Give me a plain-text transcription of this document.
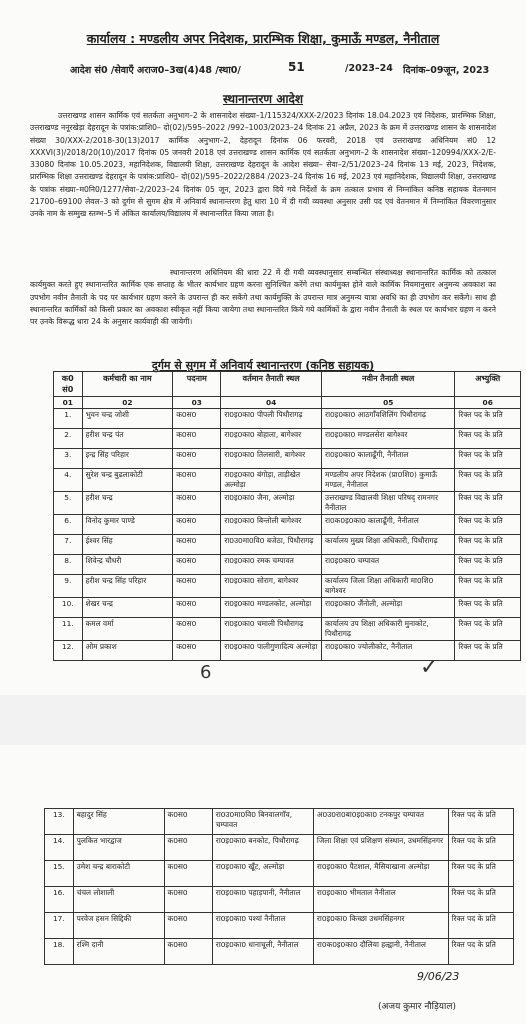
कार्यालय : मण्डलीय अपर निदेशक, प्रारम्भिक शिक्षा, कुमाऊँ मण्डल, नैनीताल
आदेश सं0 /सेवाएँ अराज0–3ख(4)48 /स्था0/	51	/2023–24 दिनांक–09जून, 2023
स्थानान्तरण आदेश
उत्तराखण्ड शासन कार्मिक एवं सतर्कता अनुभाग–2 के शासनादेश संख्या–1/115324/XXX-2/2023 दिनांक 18.04.2023 एवं निदेशक, प्रारम्भिक शिक्षा, उत्तराखण्ड ननूरखेड़ा देहरादून के पत्रांक:प्राशि0– दो(02)/595–2022 /992–1003/2023–24 दिनांक 21 अप्रैल, 2023 के क्रम में उत्तराखण्ड शासन के शासनादेश संख्या 30/XXX-2/2018-30(13)2017 कार्मिक अनुभाग–2, देहरादून दिनांक 06 फरवरी, 2018 एवं उत्तराखण्ड अधिनियम सं0 12 XXXVI(3)/2018/20(10)/2017 दिनांक 05 जनवरी 2018 एवं उत्तराखण्ड शासन कार्मिक एवं सतर्कता अनुभाग–2 के शासनादेश संख्या–120994/XXX-2/E-33080 दिनांक 10.05.2023, महानिदेशक, विद्यालयी शिक्षा, उत्तराखण्ड देहरादून के आदेश संख्या– सेवा–2/51/2023–24 दिनांक 13 मई, 2023, निदेशक, प्रारम्भिक शिक्षा उत्तराखण्ड देहरादून के पत्रांक:प्राशि0– दो(02)/595–2022/2884 /2023–24 दिनांक 16 मई, 2023 एवं महानिदेशक, विद्यालयी शिक्षा, उत्तराखण्ड के पत्रांक संख्या–म0नि0/1277/सेवा–2/2023–24 दिनांक 05 जून, 2023 द्वारा दिये गये निर्देशों के क्रम तत्काल प्रभाव से निम्नांकित कनिष्ठ सहायक वेतनमान 21700–69100 लेवल–3 को दुर्गम से सुगम क्षेत्र में अनिवार्य स्थानान्तरण हेतु धारा 10 में दी गयी व्यवस्था अनुसार उसी पद एवं वेतनमान में निम्नांकित विवरणानुसार उनके नाम के सम्मुख स्तम्भ–5 में अंकित कार्यालय/विद्यालय में स्थानान्तरित किया जाता है।
स्थानान्तरण अधिनियम की धारा 22 में दी गयी व्यवस्थानुसार सम्बन्धित संस्थाध्यक्ष स्थानान्तरित कार्मिक को तत्काल कार्यमुक्त करते हुए स्थानान्तरित कार्मिक एक सप्ताह के भीतर कार्यभार ग्रहण करना सुनिश्चित करेंगे तथा कार्यमुक्त होने वाले कार्मिक नियमानुसार अनुमन्य अवकाश का उपभोग नवीन तैनाती के पद पर कार्यभार ग्रहण करने के उपरान्त ही कर सकेंगे तथा कार्यमुक्ति के उपरान्त मात्र अनुमन्य यात्रा अवधि का ही उपभोग कर सकेंगे। साथ ही स्थानान्तरित कार्मिकों को किसी प्रकार का अवकाश स्वीकृत नहीं किया जायेगा तथा स्थानान्तरित किये गये कार्मिकों के द्वारा नवीन तैनाती के स्थल पर कार्यभार ग्रहण न करने पर उनके विरूद्ध धारा 24 के अनुसार कार्यवाही की जायेगी।
दुर्गम से सुगम में अनिवार्य स्थानान्तरण (कनिष्ठ सहायक)
क0 सं0	कर्मचारी का नाम	पदनाम	वर्तमान तैनाती स्थल	नवीन तैनाती स्थल	अभ्युक्ति
01	02	03	04	05	06
1.	भुवन चन्द्र जोशी	क0स0	रा0इ0का0 पीपली पिथौरागढ़	रा0इ0का0 आठगाँवशिलिंग पिथौरागढ़	रिक्त पद के प्रति
2.	हरीश चन्द्र पंत	क0स0	रा0इ0का0 बोहाला, बागेश्वर	रा0इ0का0 मण्डलसेरा बागेश्वर	रिक्त पद के प्रति
3.	इन्द्र सिंह परिहार	क0स0	रा0इ0का0 तिलसारी, बागेश्वर	रा0इ0का0 कालाढूँगी, नैनीताल	रिक्त पद के प्रति
4.	सुरेश चन्द्र बुढलाकोटी	क0स0	रा0इ0का0 बंगोड़ा, ताड़ीखेत अल्मोड़ा	मण्डलीय अपर निदेशक (प्रा0शि0) कुमाऊँ मण्डल, नैनीताल	रिक्त पद के प्रति
5.	हरीश चन्द्र	क0स0	रा0इ0का0 जैना, अल्मोड़ा	उत्तराखण्ड विद्यालयी शिक्षा परिषद् रामनगर नैनीताल	रिक्त पद के प्रति
6.	विनोद कुमार पाण्डे	क0स0	रा0इ0का0 बिन्तोली बागेश्वर	रा0क0इ0का0 कालाढूँगी, नैनीताल	रिक्त पद के प्रति
7.	ईश्वर सिंह	क0स0	रा0उ0मा0वि0 बजेठा, पिथौरागढ़	कार्यालय मुख्य शिक्षा अधिकारी, पिथौरागढ़	रिक्त पद के प्रति
8.	शिवेन्द्र चौधरी	क0स0	रा0इ0का0 रमक चम्पावत	रा0इ0का0 चम्पावत	रिक्त पद के प्रति
9.	हरीश चन्द्र सिंह परिहार	क0स0	रा0इ0का0 सोराग, बागेश्वर	कार्यालय जिला शिक्षा अधिकारी मा0शि0 बागेश्वर	रिक्त पद के प्रति
10.	शेखर चन्द्र	क0स0	रा0इ0का0 मण्डलकोट, अल्मोड़ा	रा0इ0का0 जैंनोली, अल्मोड़ा	रिक्त पद के प्रति
11.	कमल वर्मा	क0स0	रा0इ0का0 चमाली पिथौरागढ़	कार्यालय उप शिक्षा अधिकारी मुनाकोट, पिथौरागढ़	रिक्त पद के प्रति
12.	ओम प्रकाश	क0स0	रा0इ0का0 पालीगुणादित्य अल्मोड़ा	रा0इ0का0 ज्योलीकोट, नैनीताल	रिक्त पद के प्रति
6	✓
9/06/23
(अजय कुमार नौड़ियाल)
13.	बहादुर सिंह	क0स0	रा0उ0मा0वि0 बिनवालगॉव, चम्पावत	अ0उ0रा0बा0इ0का0 टनकपुर चम्पावत	रिक्त पद के प्रति
14.	पुलकित भारद्वाज	क0स0	रा0इ0का0 बनकोट, पिथौरागढ़	जिला शिक्षा एवं प्रशिक्षण संस्थान, उधमसिंहनगर	रिक्त पद के प्रति
15.	उमेश चन्द्र बाराकोटी	क0स0	रा0इ0का0 खूँट, अल्मोड़ा	रा0इ0का0 पैटशाल, मैसियाखाना अल्मोड़ा	रिक्त पद के प्रति
16.	चंचल लोशाली	क0स0	रा0इ0का0 पहाड़पानी, नैनीताल	रा0इ0का0 भीमताल नैनीताल	रिक्त पद के प्रति
17.	परवेज हसन सिद्दिकी	क0स0	रा0इ0का0 पश्यां नैनीताल	रा0इ0का0 किच्छा उधमसिंहनगर	रिक्त पद के प्रति
18.	रश्मि दानी	क0स0	रा0इ0का0 धानाचूली, नैनीताल	रा0क0इ0का0 दौलिया हल्द्वानी, नैनीताल	रिक्त पद के प्रति
